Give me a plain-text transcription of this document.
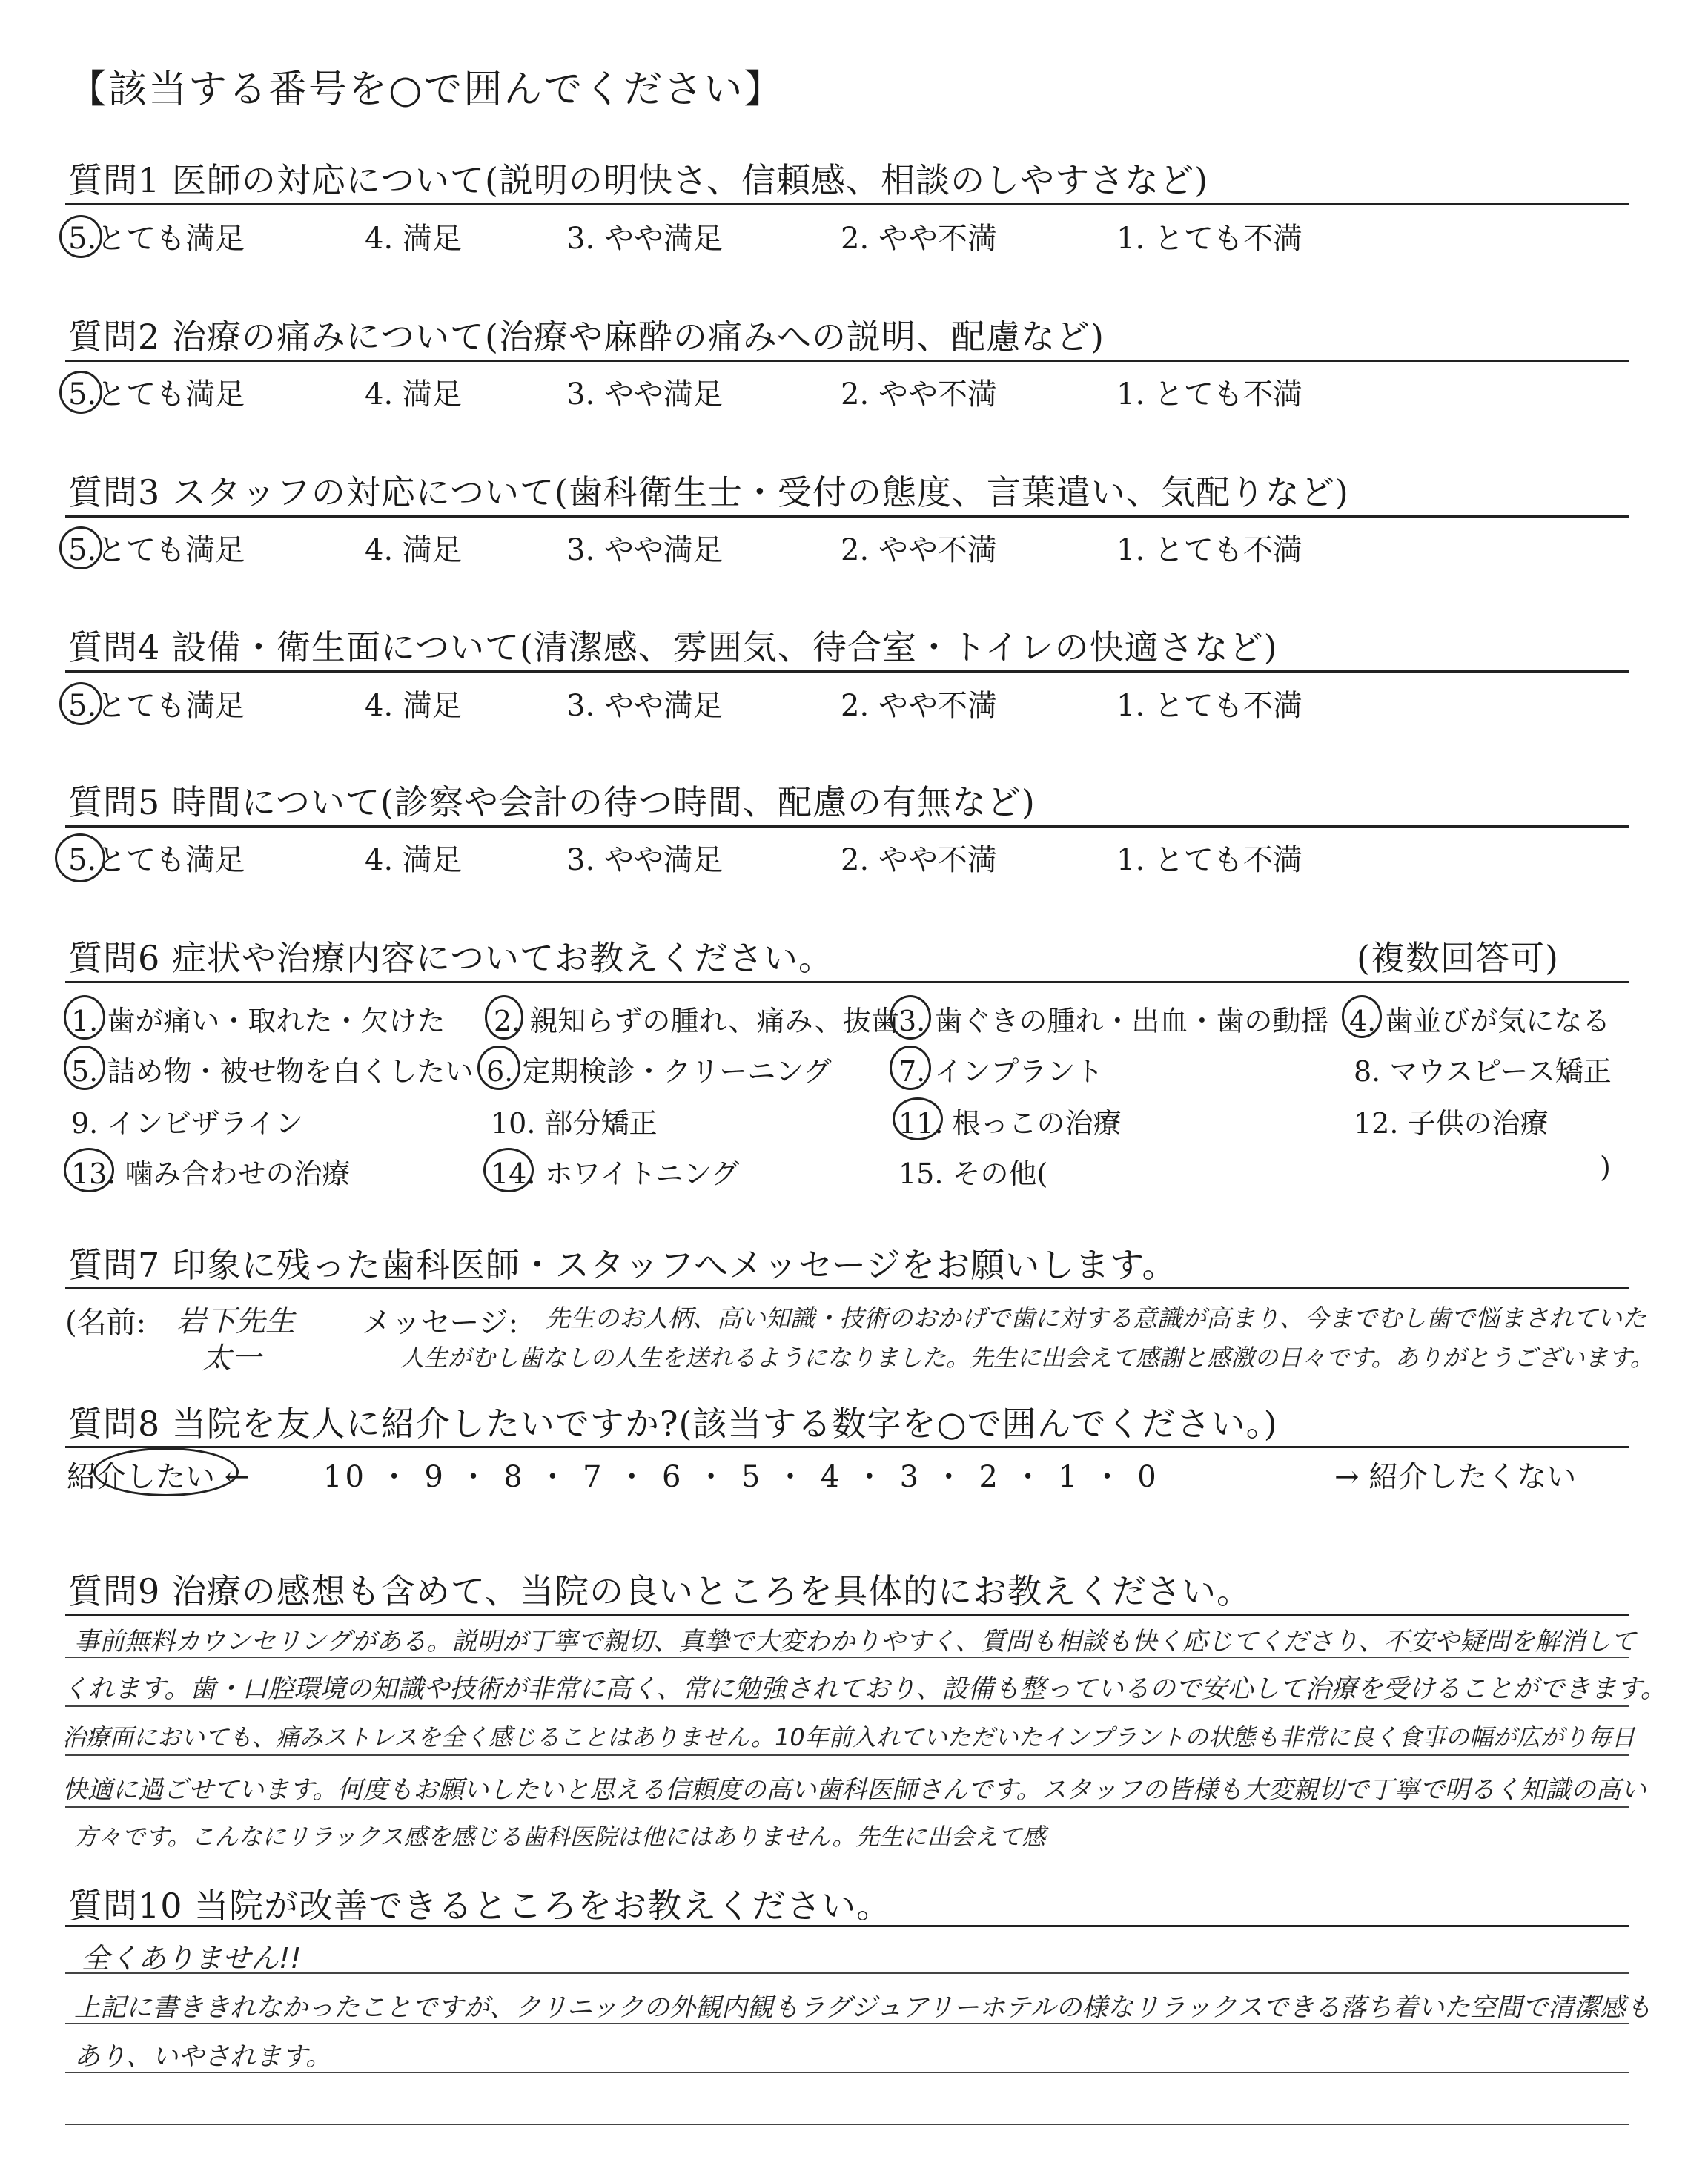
【該当する番号を○で囲んでください】
質問1 医師の対応について(説明の明快さ、信頼感、相談のしやすさなど)
5.とても満足	4. 満足	3. やや満足	2. やや不満	1. とても不満
質問2 治療の痛みについて(治療や麻酔の痛みへの説明、配慮など)
5.とても満足	4. 満足	3. やや満足	2. やや不満	1. とても不満
質問3 スタッフの対応について(歯科衛生士・受付の態度、言葉遣い、気配りなど)
5.とても満足	4. 満足	3. やや満足	2. やや不満	1. とても不満
質問4 設備・衛生面について(清潔感、雰囲気、待合室・トイレの快適さなど)
5.とても満足	4. 満足	3. やや満足	2. やや不満	1. とても不満
質問5 時間について(診察や会計の待つ時間、配慮の有無など)
5.とても満足	4. 満足	3. やや満足	2. やや不満	1. とても不満
質問6 症状や治療内容についてお教えください。	(複数回答可)
1. 歯が痛い・取れた・欠けた 2. 親知らずの腫れ、痛み、抜歯 3. 歯ぐきの腫れ・出血・歯の動揺 4. 歯並びが気になる
5. 詰め物・被せ物を白くしたい 6. 定期検診・クリーニング 7. インプラント	8. マウスピース矯正
9. インビザライン	10. 部分矯正	11. 根っこの治療	12. 子供の治療
13. 噛み合わせの治療	14. ホワイトニング	15. その他(	)
質問7 印象に残った歯科医師・スタッフへメッセージをお願いします。
(名前: 岩下先生
太一
メッセージ: 先生のお人柄、高い知識・技術のおかげで歯に対する意識が高まり、今までむし歯で悩まされていた
人生がむし歯なしの人生を送れるようになりました。先生に出会えて感謝と感激の日々です。ありがとうございます。
質問8 当院を友人に紹介したいですか?(該当する数字を○で囲んでください。)
紹介したい ← 10 ・ 9 ・ 8 ・ 7 ・ 6 ・ 5 ・ 4 ・ 3 ・ 2 ・ 1 ・ 0	→ 紹介したくない
質問9 治療の感想も含めて、当院の良いところを具体的にお教えください。
事前無料カウンセリングがある。説明が丁寧で親切、真摯で大変わかりやすく、質問も相談も快く応じてくださり、不安や疑問を解消して
くれます。歯・口腔環境の知識や技術が非常に高く、常に勉強されており、設備も整っているので安心して治療を受けることができます。
治療面においても、痛みストレスを全く感じることはありません。10年前入れていただいたインプラントの状態も非常に良く食事の幅が広がり毎日
快適に過ごせています。何度もお願いしたいと思える信頼度の高い歯科医師さんです。スタッフの皆様も大変親切で丁寧で明るく知識の高い
方々です。こんなにリラックス感を感じる歯科医院は他にはありません。先生に出会えて感
質問10 当院が改善できるところをお教えください。
全くありません!!
上記に書ききれなかったことですが、クリニックの外観内観もラグジュアリーホテルの様なリラックスできる落ち着いた空間で清潔感も
あり、いやされます。
